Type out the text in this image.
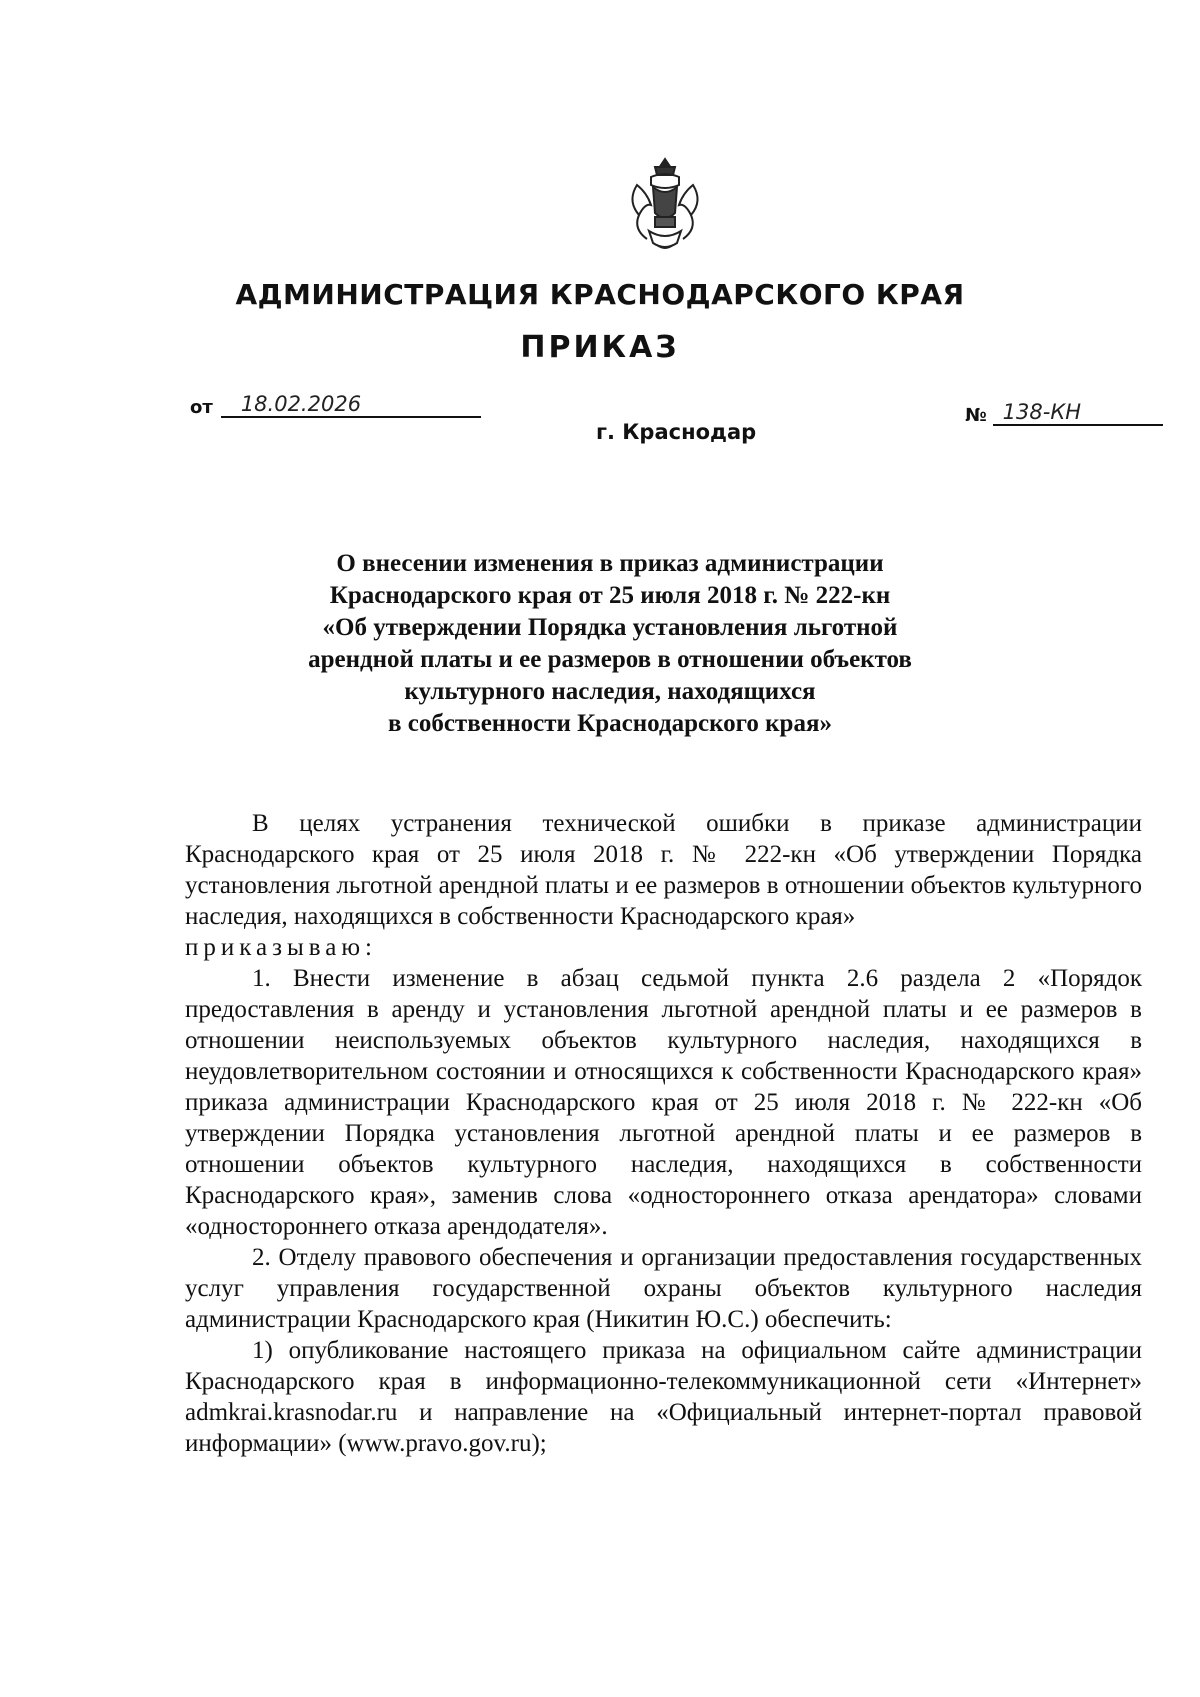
АДМИНИСТРАЦИЯ КРАСНОДАРСКОГО КРАЯ
ПРИКАЗ
от	18.02.2026	№ 138-КН
г. Краснодар
О внесении изменения в приказ администрации
Краснодарского края от 25 июля 2018 г. № 222-кн
«Об утверждении Порядка установления льготной
арендной платы и ее размеров в отношении объектов
культурного наследия, находящихся
в собственности Краснодарского края»

В целях устранения технической ошибки в приказе администрации Краснодарского края от 25 июля 2018 г. № 222-кн «Об утверждении Порядка установления льготной арендной платы и ее размеров в отношении объектов культурного наследия, находящихся в собственности Краснодарского края»

приказываю:

1. Внести изменение в абзац седьмой пункта 2.6 раздела 2 «Порядок предоставления в аренду и установления льготной арендной платы и ее размеров в отношении неиспользуемых объектов культурного наследия, находящихся в неудовлетворительном состоянии и относящихся к собственности Краснодарского края» приказа администрации Краснодарского края от 25 июля 2018 г. № 222-кн «Об утверждении Порядка установления льготной арендной платы и ее размеров в отношении объектов культурного наследия, находящихся в собственности Краснодарского края», заменив слова «одностороннего отказа арендатора» словами «одностороннего отказа арендодателя».

2. Отделу правового обеспечения и организации предоставления государственных услуг управления государственной охраны объектов культурного наследия администрации Краснодарского края (Никитин Ю.С.) обеспечить:

1) опубликование настоящего приказа на официальном сайте администрации Краснодарского края в информационно-телекоммуникационной сети «Интернет» admkrai.krasnodar.ru и направление на «Официальный интернет-портал правовой информации» (www.pravo.gov.ru);
